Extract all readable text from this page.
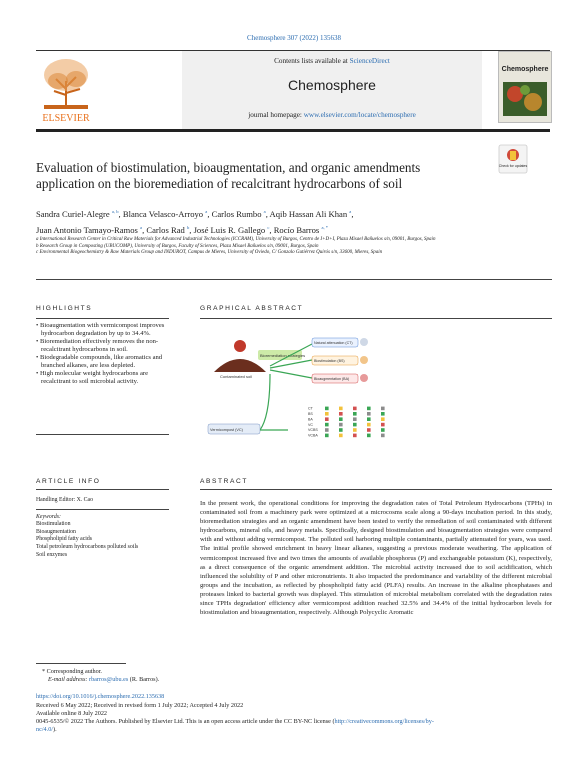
Chemosphere 307 (2022) 135638
ELSEVIER
Contents lists available at ScienceDirect
Chemosphere
journal homepage: www.elsevier.com/locate/chemosphere
Chemosphere
Evaluation of biostimulation, bioaugmentation, and organic amendments
application on the bioremediation of recalcitrant hydrocarbons of soil
Check for updates
Sandra Curiel-Alegre $^{a, b}$, Blanca Velasco-Arroyo $^a$, Carlos Rumbo $^a$, Aqib Hassan Ali Khan $^a$,
Juan Antonio Tamayo-Ramos $^a$, Carlos Rad $^b$, José Luis R. Gallego $^c$, Rocío Barros $^{a, *}$
a International Research Center in Critical Raw Materials for Advanced Industrial Technologies (ICCRAM), University of Burgos, Centro de I+D+I, Plaza Misael Bañuelos s/n, 09001, Burgos, Spain
b Research Group in Composting (UBUCOMP), University of Burgos, Faculty of Sciences, Plaza Misael Bañuelos s/n, 09001, Burgos, Spain
c Environmental Biogeochemistry & Raw Materials Group and INDUROT, Campus de Mieres, University of Oviedo, C/ Gonzalo Gutiérrez Quirós s/n, 33600, Mieres, Spain
HIGHLIGHTS
• Bioaugmentation with vermicompost improves hydrocarbon degradation by up to 34.4%.
• Bioremediation effectively removes the non-recalcitrant hydrocarbons in soil.
• Biodegradable compounds, like aromatics and branched alkanes, are less depleted.
• High molecular weight hydrocarbons are recalcitrant to soil microbial activity.
GRAPHICAL ABSTRACT
Bioremediation strategies
Contaminated soil
Natural attenuation (CT)
Biostimulation (BS)
Bioaugmentation (BA)
Vermicompost (VC)
CT
BS
BA
VC
VCBS
VCBA
ARTICLE INFO
Handling Editor: X. Cao
Keywords:
Biostimulation
Bioaugmentation
Phospholipid fatty acids
Total petroleum hydrocarbons polluted soils
Soil enzymes
ABSTRACT
In the present work, the operational conditions for improving the degradation rates of Total Petroleum Hydrocarbons (TPHs) in contaminated soil from a machinery park were optimized at a microcosms scale along a 90-days incubation period. In this study, bioremediation strategies and an organic amendment have been tested to verify the remediation of soil contaminated with different hydrocarbons, mineral oils, and heavy metals. Specifically, designed biostimulation and bioaugmentation strategies were compared with and without adding vermicompost. The polluted soil harboring multiple contaminants, partially attenuated for years, was used. The initial profile showed enrichment in heavy linear alkanes, suggesting a previous moderate weathering. The application of vermicompost increased five and two times the amounts of available phosphorus (P) and exchangeable potassium (K), respectively, as a direct consequence of the organic amendment addition. The microbial activity increased due to soil acidification, which influenced the solubility of P and other micronutrients. It also impacted the predominance and variability of the different microbial groups and the incubation, as reflected by phospholipid fatty acid (PLFA) results. An increase in the alkaline phosphatases and proteases linked to bacterial growth was displayed. This stimulation of microbial metabolism correlated with the degradation rates since TPHs degradation' efficiency after vermicompost addition reached 32.5% and 34.4% of the initial hydrocarbon levels for biostimulation and bioaugmentation, respectively. Although Polycyclic Aromatic
* Corresponding author.
E-mail address: rbarros@ubu.es (R. Barros).
https://doi.org/10.1016/j.chemosphere.2022.135638
Received 6 May 2022; Received in revised form 1 July 2022; Accepted 4 July 2022
Available online 8 July 2022
0045-6535/© 2022 The Authors. Published by Elsevier Ltd. This is an open access article under the CC BY-NC license (http://creativecommons.org/licenses/by-
nc/4.0/).
